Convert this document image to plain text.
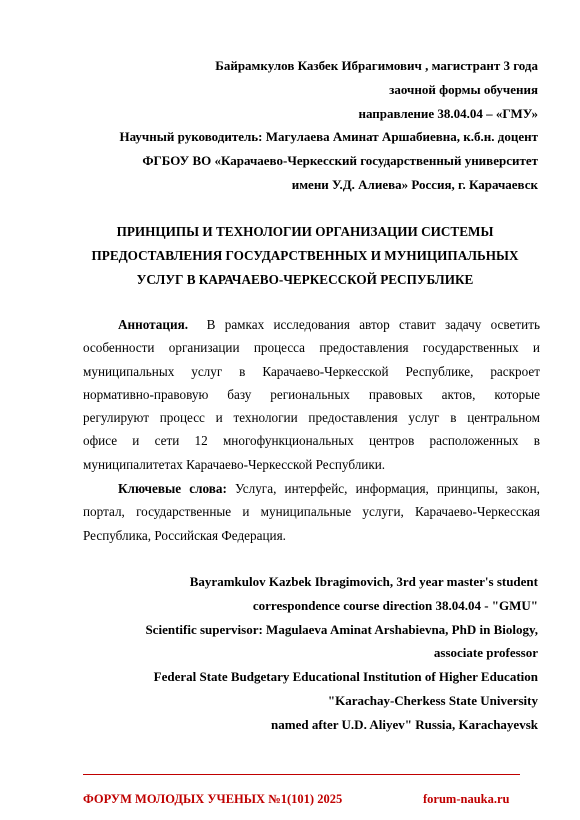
Байрамкулов Казбек Ибрагимович , магистрант 3 года
заочной формы обучения
направление 38.04.04 – «ГМУ»
Научный руководитель: Магулаева Аминат Аршабиевна, к.б.н. доцент
ФГБОУ ВО «Карачаево-Черкесский государственный университет
имени У.Д. Алиева» Россия, г. Карачаевск
ПРИНЦИПЫ И ТЕХНОЛОГИИ ОРГАНИЗАЦИИ СИСТЕМЫ
ПРЕДОСТАВЛЕНИЯ ГОСУДАРСТВЕННЫХ И МУНИЦИПАЛЬНЫХ
УСЛУГ В КАРАЧАЕВО-ЧЕРКЕССКОЙ РЕСПУБЛИКЕ
Аннотация. В рамках исследования автор ставит задачу осветить
особенности организации процесса предоставления государственных и
муниципальных услуг в Карачаево-Черкесской Республике, раскроет
нормативно-правовую базу региональных правовых актов, которые
регулируют процесс и технологии предоставления услуг в центральном
офисе и сети 12 многофункциональных центров расположенных в
муниципалитетах Карачаево-Черкесской Республики.
Ключевые слова: Услуга, интерфейс, информация, принципы, закон,
портал, государственные и муниципальные услуги, Карачаево-Черкесская
Республика, Российская Федерация.
Bayramkulov Kazbek Ibragimovich, 3rd year master's student
correspondence course direction 38.04.04 - "GMU"
Scientific supervisor: Magulaeva Aminat Arshabievna, PhD in Biology,
associate professor
Federal State Budgetary Educational Institution of Higher Education
"Karachay-Cherkess State University
named after U.D. Aliyev" Russia, Karachayevsk
ФОРУМ МОЛОДЫХ УЧЕНЫХ №1(101) 2025	forum-nauka.ru
